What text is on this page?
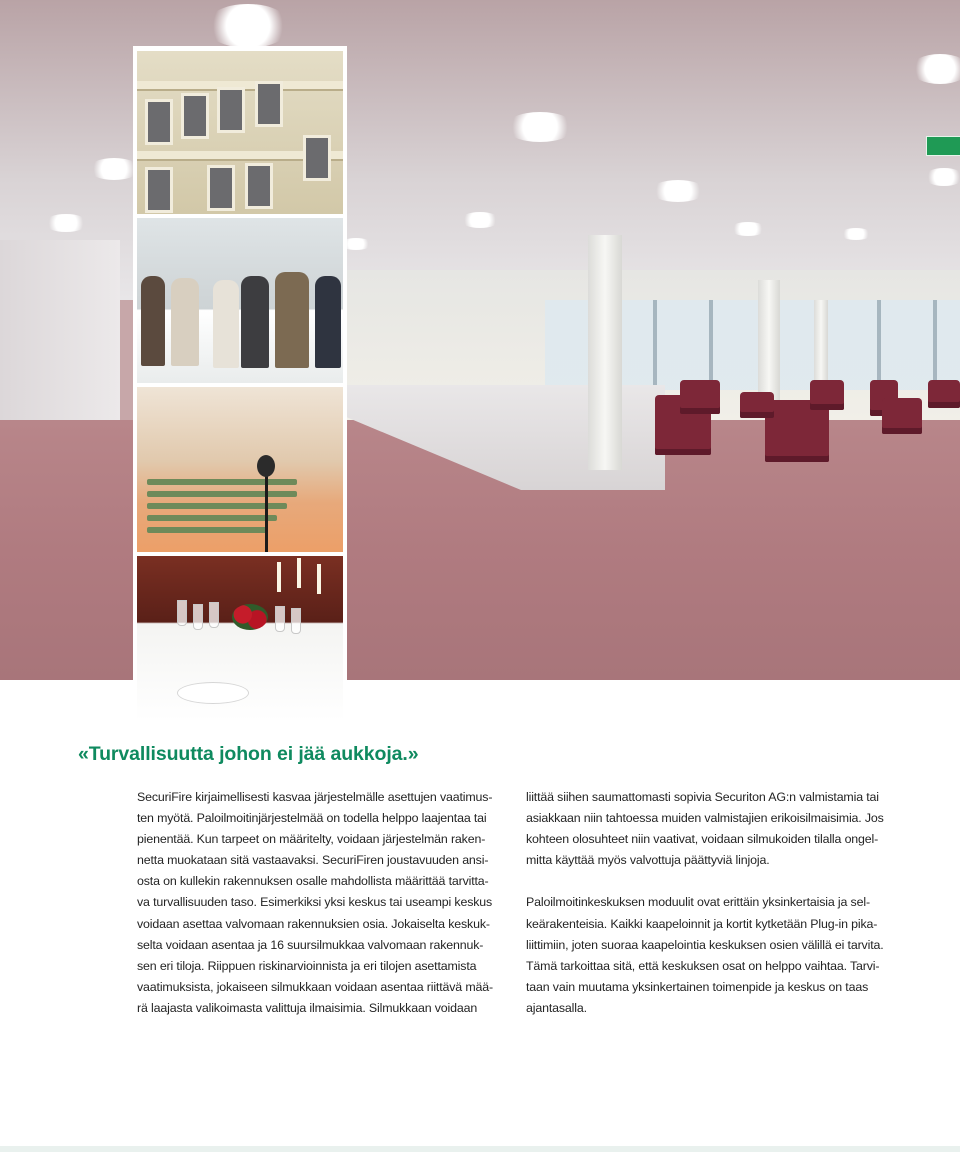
«Turvallisuutta johon ei jää aukkoja.»
SecuriFire kirjaimellisesti kasvaa järjestelmälle asettujen vaatimus-
ten myötä. Paloilmoitinjärjestelmää on todella helppo laajentaa tai
pienentää. Kun tarpeet on määritelty, voidaan järjestelmän raken-
netta muokataan sitä vastaavaksi. SecuriFiren joustavuuden ansi-
osta on kullekin rakennuksen osalle mahdollista määrittää tarvitta-
va turvallisuuden taso. Esimerkiksi yksi keskus tai useampi keskus
voidaan asettaa valvomaan rakennuksien osia. Jokaiselta keskuk-
selta voidaan asentaa ja 16 suursilmukkaa valvomaan rakennuk-
sen eri tiloja. Riippuen riskinarvioinnista ja eri tilojen asettamista
vaatimuksista, jokaiseen silmukkaan voidaan asentaa riittävä mää-
rä laajasta valikoimasta valittuja ilmaisimia. Silmukkaan voidaan
liittää siihen saumattomasti sopivia Securiton AG:n valmistamia tai
asiakkaan niin tahtoessa muiden valmistajien erikoisilmaisimia. Jos
kohteen olosuhteet niin vaativat, voidaan silmukoiden tilalla ongel-
mitta käyttää myös valvottuja päättyviä linjoja.
Paloilmoitinkeskuksen moduulit ovat erittäin yksinkertaisia ja sel-
keärakenteisia. Kaikki kaapeloinnit ja kortit kytketään Plug-in pika-
liittimiin, joten suoraa kaapelointia keskuksen osien välillä ei tarvita.
Tämä tarkoittaa sitä, että keskuksen osat on helppo vaihtaa. Tarvi-
taan vain muutama yksinkertainen toimenpide ja keskus on taas
ajantasalla.
